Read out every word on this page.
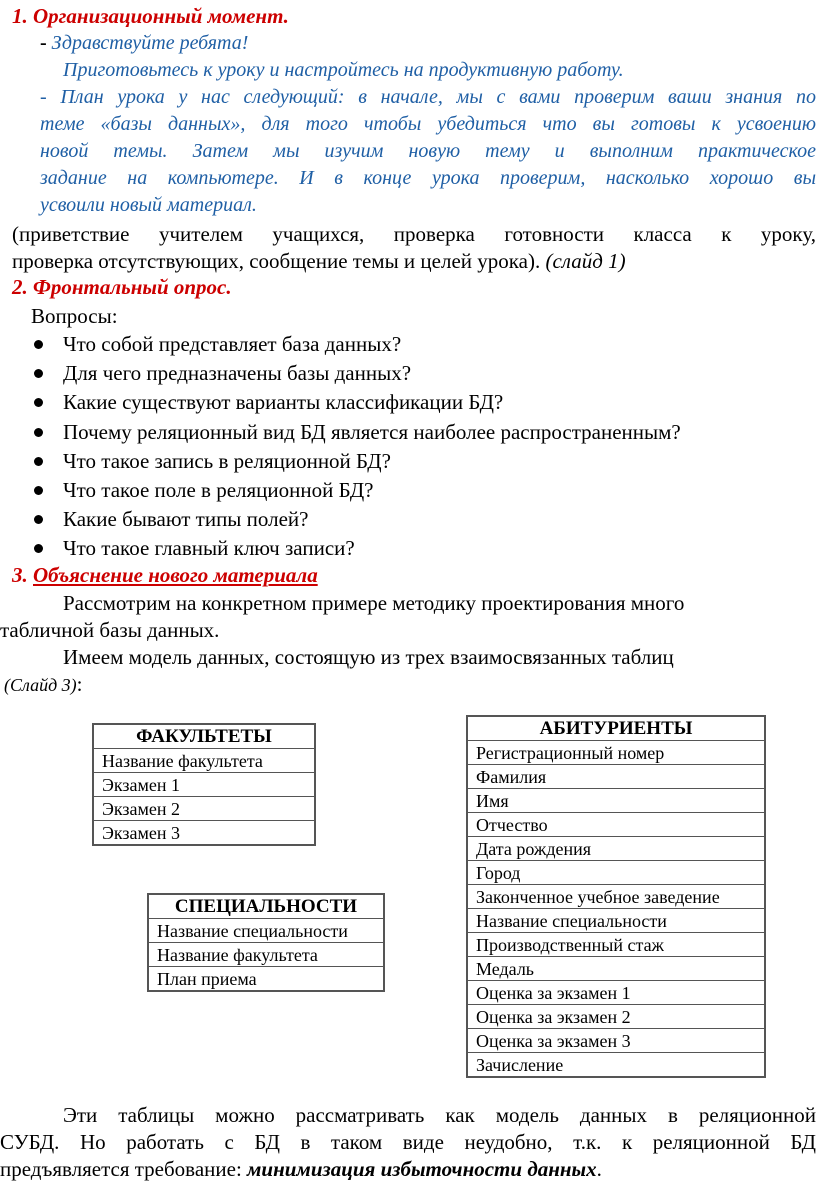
1. Организационный момент.
- Здравствуйте ребята!
Приготовьтесь к уроку и настройтесь на продуктивную работу.
- План урока у нас следующий: в начале, мы с вами проверим ваши знания по
теме «базы данных», для того чтобы убедиться что вы готовы к усвоению
новой темы. Затем мы изучим новую тему и выполним практическое
задание на компьютере. И в конце урока проверим, насколько хорошо вы
усвоили новый материал.
(приветствие учителем учащихся, проверка готовности класса к уроку,
проверка отсутствующих, сообщение темы и целей урока). (слайд 1)
2. Фронтальный опрос.
Вопросы:
Что собой представляет база данных?
Для чего предназначены базы данных?
Какие существуют варианты классификации БД?
Почему реляционный вид БД является наиболее распространенным?
Что такое запись в реляционной БД?
Что такое поле в реляционной БД?
Какие бывают типы полей?
Что такое главный ключ записи?
3. Объяснение нового материала
Рассмотрим на конкретном примере методику проектирования много
табличной базы данных.
Имеем модель данных, состоящую из трех взаимосвязанных таблиц
(Слайд 3):
ФАКУЛЬТЕТЫ
Название факультета
Экзамен 1
Экзамен 2
Экзамен 3
СПЕЦИАЛЬНОСТИ
Название специальности
Название факультета
План приема
АБИТУРИЕНТЫ
Регистрационный номер
Фамилия
Имя
Отчество
Дата рождения
Город
Законченное учебное заведение
Название специальности
Производственный стаж
Медаль
Оценка за экзамен 1
Оценка за экзамен 2
Оценка за экзамен 3
Зачисление
Эти таблицы можно рассматривать как модель данных в реляционной
СУБД. Но работать с БД в таком виде неудобно, т.к. к реляционной БД
предъявляется требование: минимизация избыточности данных.
